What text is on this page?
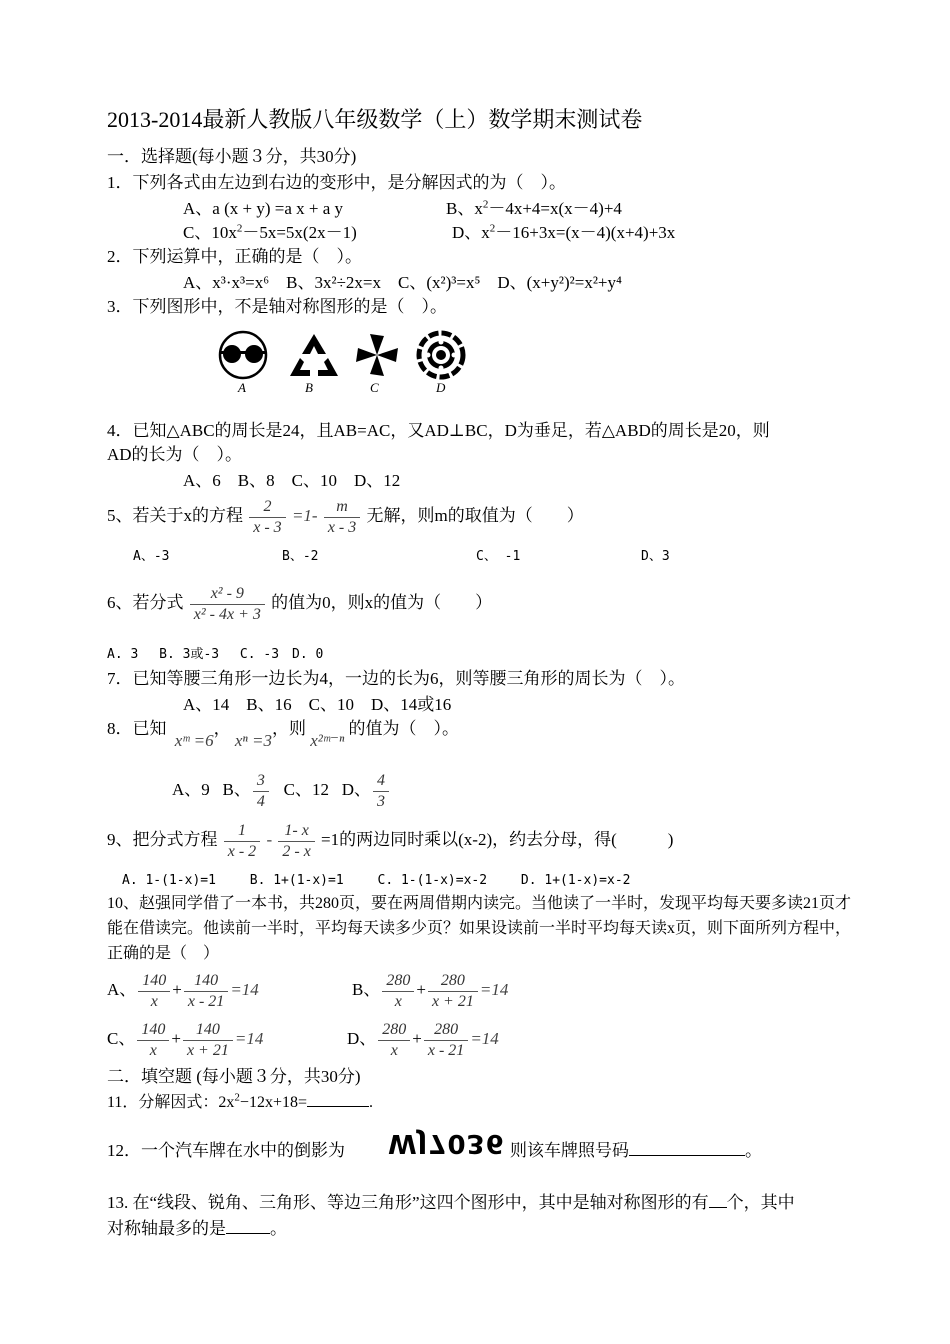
2013-2014最新人教版八年级数学（上）数学期末测试卷
一．选择题(每小题３分，共30分)
1．下列各式由左边到右边的变形中，是分解因式的为（　）。
A、a (x + y) =a x + a y	B、$x^2-4x+4=x(x-4)+4$
C、$10x^2-5x=5x(2x-1)$	D、$x^2-16+3x=(x-4)(x+4)+3x$
2．下列运算中，正确的是（　）。
A、x³·x³=x⁶　B、3x²÷2x=x　C、(x²)³=x⁵　D、(x+y²)²=x²+y⁴
3．下列图形中，不是轴对称图形的是（　）。
A	B	C	D
4．已知△ABC的周长是24，且AB=AC，又AD⊥BC，D为垂足，若△ABD的周长是20，则
AD的长为（　）。
A、6　B、8　C、10　D、12
5、若关于x的方程 $\frac{2}{x - 3} =1- \frac{m}{x - 3}$ 无解，则m的取值为（　　）
A、-3	B、-2	C、 -1	D、3
6、若分式 $\frac{\text{x² - 9}}{\text{x² - 4x + 3}}$ 的值为0，则x的值为（　　）
A. 3　 B. 3或-3　 C. -3　D. 0
7．已知等腰三角形一边长为4，一边的长为6，则等腰三角形的周长为（　）。
A、14　B、16　C、10　D、14或16
8．已知 xᵐ =6， xⁿ =3，则 x²ᵐ⁻ⁿ 的值为（　）。
A、9 B、 $\frac{3}{4}$ C、12 D、 $\frac{4}{3}$
9、把分式方程 $\frac{1}{x - 2} - \frac{1- x}{2 - x} =1$的两边同时乘以(x-2)，约去分母，得(　　　)
A. 1-(1-x)=1　　 B. 1+(1-x)=1　　 C. 1-(1-x)=x-2　　 D. 1+(1-x)=x-2
10、赵强同学借了一本书，共280页，要在两周借期内读完。当他读了一半时，发现平均每天要多读21页才
能在借读完。他读前一半时，平均每天读多少页？如果设读前一半时平均每天读x页，则下面所列方程中，
正确的是（　）
A、 $\frac{140}{x} + \frac{140}{x - 21} =14$	B、 $\frac{280}{x} + \frac{280}{x + 21} =14$
C、 $\frac{140}{x} + \frac{140}{x + 21} =14$	D、 $\frac{280}{x} + \frac{280}{x - 21} =14$
二．填空题 (每小题３分，共30分)
11．分解因式：$2x^2-12x+18=$	.
12．一个汽车牌在水中的倒影为 WJ7036 则该车牌照号码	。
13. 在“线段、锐角、三角形、等边三角形”这四个图形中，其中是轴对称图形的有 个，其中
对称轴最多的是	。
